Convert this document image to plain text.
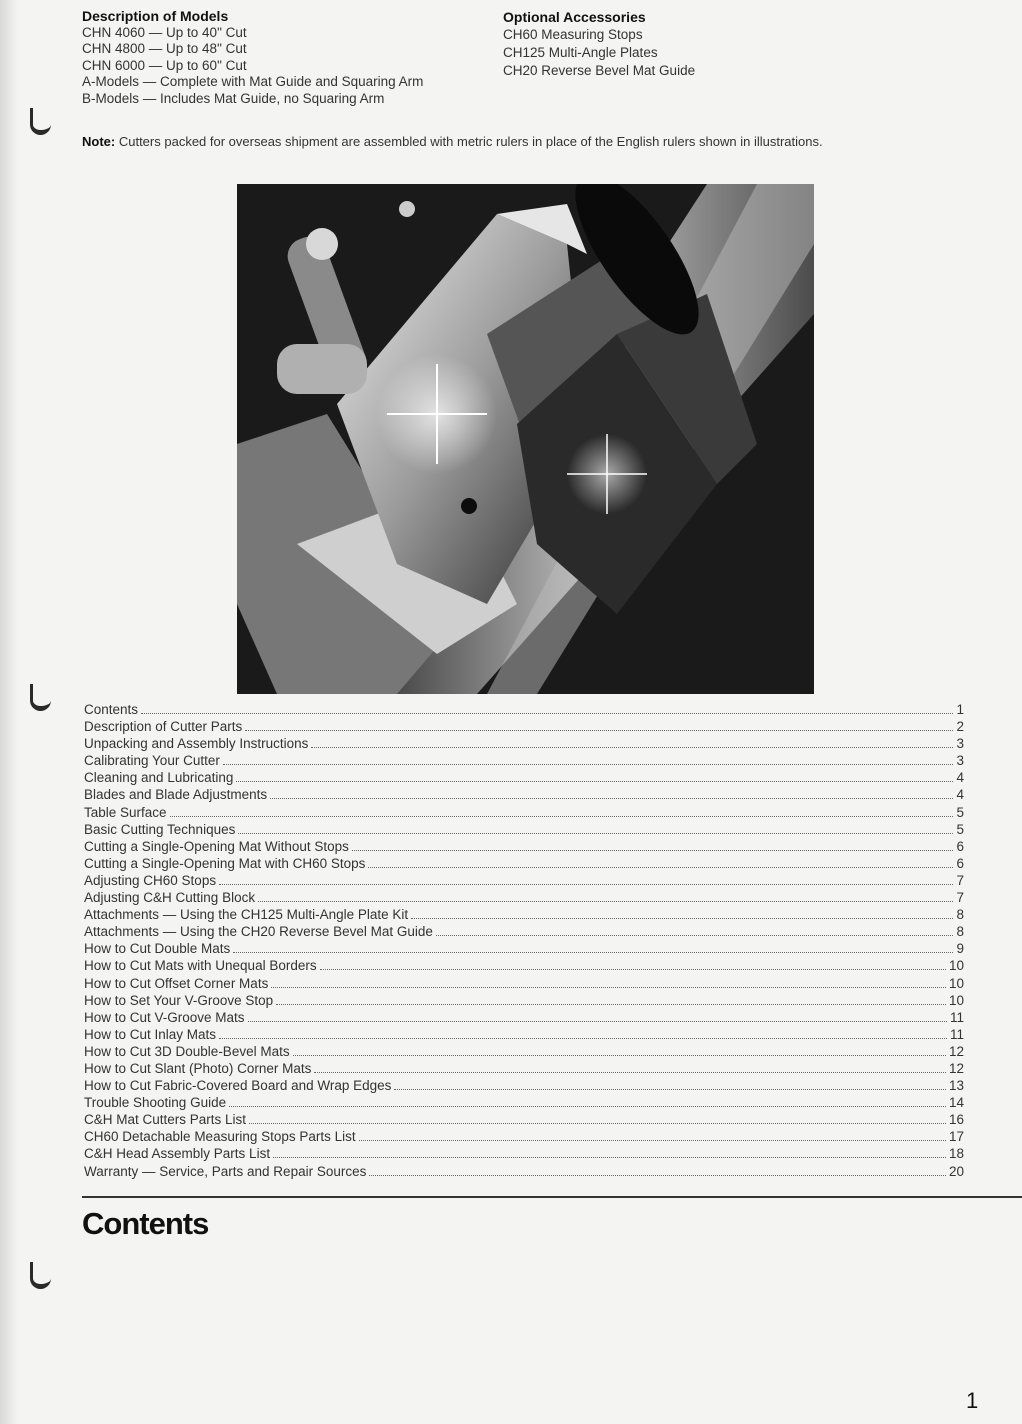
Description of Models
CHN 4060 — Up to 40" Cut
CHN 4800 — Up to 48" Cut
CHN 6000 — Up to 60" Cut
A-Models — Complete with Mat Guide and Squaring Arm
B-Models — Includes Mat Guide, no Squaring Arm
Optional Accessories
CH60 Measuring Stops
CH125 Multi-Angle Plates
CH20 Reverse Bevel Mat Guide
Note: Cutters packed for overseas shipment are assembled with metric rulers in place of the English rulers shown in illustrations.
Contents	1
Description of Cutter Parts	2
Unpacking and Assembly Instructions	3
Calibrating Your Cutter	3
Cleaning and Lubricating	4
Blades and Blade Adjustments	4
Table Surface	5
Basic Cutting Techniques	5
Cutting a Single-Opening Mat Without Stops	6
Cutting a Single-Opening Mat with CH60 Stops	6
Adjusting CH60 Stops	7
Adjusting C&H Cutting Block	7
Attachments — Using the CH125 Multi-Angle Plate Kit	8
Attachments — Using the CH20 Reverse Bevel Mat Guide	8
How to Cut Double Mats	9
How to Cut Mats with Unequal Borders	10
How to Cut Offset Corner Mats	10
How to Set Your V-Groove Stop	10
How to Cut V-Groove Mats	11
How to Cut Inlay Mats	11
How to Cut 3D Double-Bevel Mats	12
How to Cut Slant (Photo) Corner Mats	12
How to Cut Fabric-Covered Board and Wrap Edges	13
Trouble Shooting Guide	14
C&H Mat Cutters Parts List	16
CH60 Detachable Measuring Stops Parts List	17
C&H Head Assembly Parts List	18
Warranty — Service, Parts and Repair Sources	20
Contents
1
